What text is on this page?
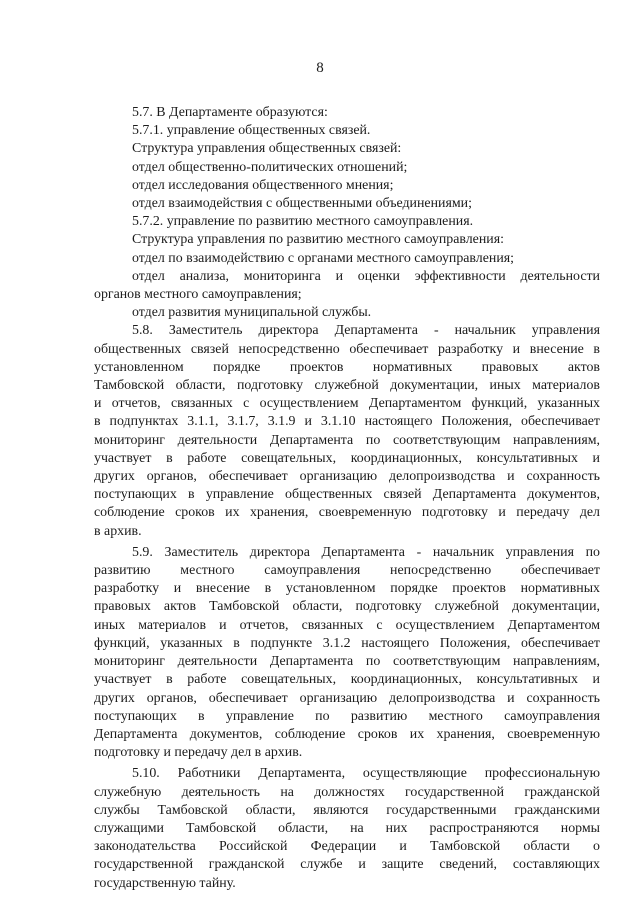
8
5.7. В Департаменте образуются:
5.7.1. управление общественных связей.
Структура управления общественных связей:
отдел общественно-политических отношений;
отдел исследования общественного мнения;
отдел взаимодействия с общественными объединениями;
5.7.2. управление по развитию местного самоуправления.
Структура управления по развитию местного самоуправления:
отдел по взаимодействию с органами местного самоуправления;
отдел анализа, мониторинга и оценки эффективности деятельности
органов местного самоуправления;
отдел развития муниципальной службы.
5.8. Заместитель директора Департамента - начальник управления
общественных связей непосредственно обеспечивает разработку и внесение в
установленном порядке проектов нормативных правовых актов
Тамбовской области, подготовку служебной документации, иных материалов
и отчетов, связанных с осуществлением Департаментом функций, указанных
в подпунктах 3.1.1, 3.1.7, 3.1.9 и 3.1.10 настоящего Положения, обеспечивает
мониторинг деятельности Департамента по соответствующим направлениям,
участвует в работе совещательных, координационных, консультативных и
других органов, обеспечивает организацию делопроизводства и сохранность
поступающих в управление общественных связей Департамента документов,
соблюдение сроков их хранения, своевременную подготовку и передачу дел
в архив.
5.9. Заместитель директора Департамента - начальник управления по
развитию местного самоуправления непосредственно обеспечивает
разработку и внесение в установленном порядке проектов нормативных
правовых актов Тамбовской области, подготовку служебной документации,
иных материалов и отчетов, связанных с осуществлением Департаментом
функций, указанных в подпункте 3.1.2 настоящего Положения, обеспечивает
мониторинг деятельности Департамента по соответствующим направлениям,
участвует в работе совещательных, координационных, консультативных и
других органов, обеспечивает организацию делопроизводства и сохранность
поступающих в управление по развитию местного самоуправления
Департамента документов, соблюдение сроков их хранения, своевременную
подготовку и передачу дел в архив.
5.10. Работники Департамента, осуществляющие профессиональную
служебную деятельность на должностях государственной гражданской
службы Тамбовской области, являются государственными гражданскими
служащими Тамбовской области, на них распространяются нормы
законодательства Российской Федерации и Тамбовской области о
государственной гражданской службе и защите сведений, составляющих
государственную тайну.
